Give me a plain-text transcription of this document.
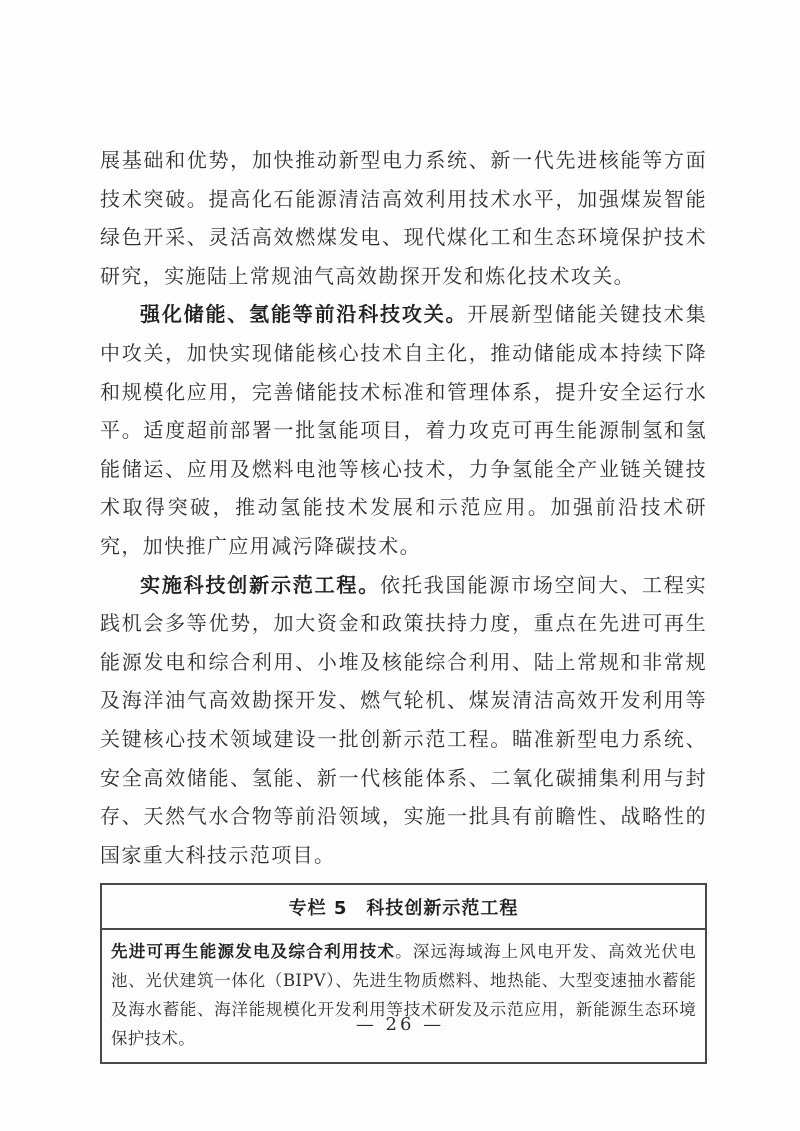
展基础和优势，加快推动新型电力系统、新一代先进核能等方面技术突破。提高化石能源清洁高效利用技术水平，加强煤炭智能绿色开采、灵活高效燃煤发电、现代煤化工和生态环境保护技术研究，实施陆上常规油气高效勘探开发和炼化技术攻关。

强化储能、氢能等前沿科技攻关。开展新型储能关键技术集中攻关，加快实现储能核心技术自主化，推动储能成本持续下降和规模化应用，完善储能技术标准和管理体系，提升安全运行水平。适度超前部署一批氢能项目，着力攻克可再生能源制氢和氢能储运、应用及燃料电池等核心技术，力争氢能全产业链关键技术取得突破，推动氢能技术发展和示范应用。加强前沿技术研究，加快推广应用减污降碳技术。

实施科技创新示范工程。依托我国能源市场空间大、工程实践机会多等优势，加大资金和政策扶持力度，重点在先进可再生能源发电和综合利用、小堆及核能综合利用、陆上常规和非常规及海洋油气高效勘探开发、燃气轮机、煤炭清洁高效开发利用等关键核心技术领域建设一批创新示范工程。瞄准新型电力系统、安全高效储能、氢能、新一代核能体系、二氧化碳捕集利用与封存、天然气水合物等前沿领域，实施一批具有前瞻性、战略性的国家重大科技示范项目。

专栏 5　科技创新示范工程
先进可再生能源发电及综合利用技术。深远海域海上风电开发、高效光伏电池、光伏建筑一体化（BIPV）、先进生物质燃料、地热能、大型变速抽水蓄能及海水蓄能、海洋能规模化开发利用等技术研发及示范应用，新能源生态环境保护技术。
— 26 —
